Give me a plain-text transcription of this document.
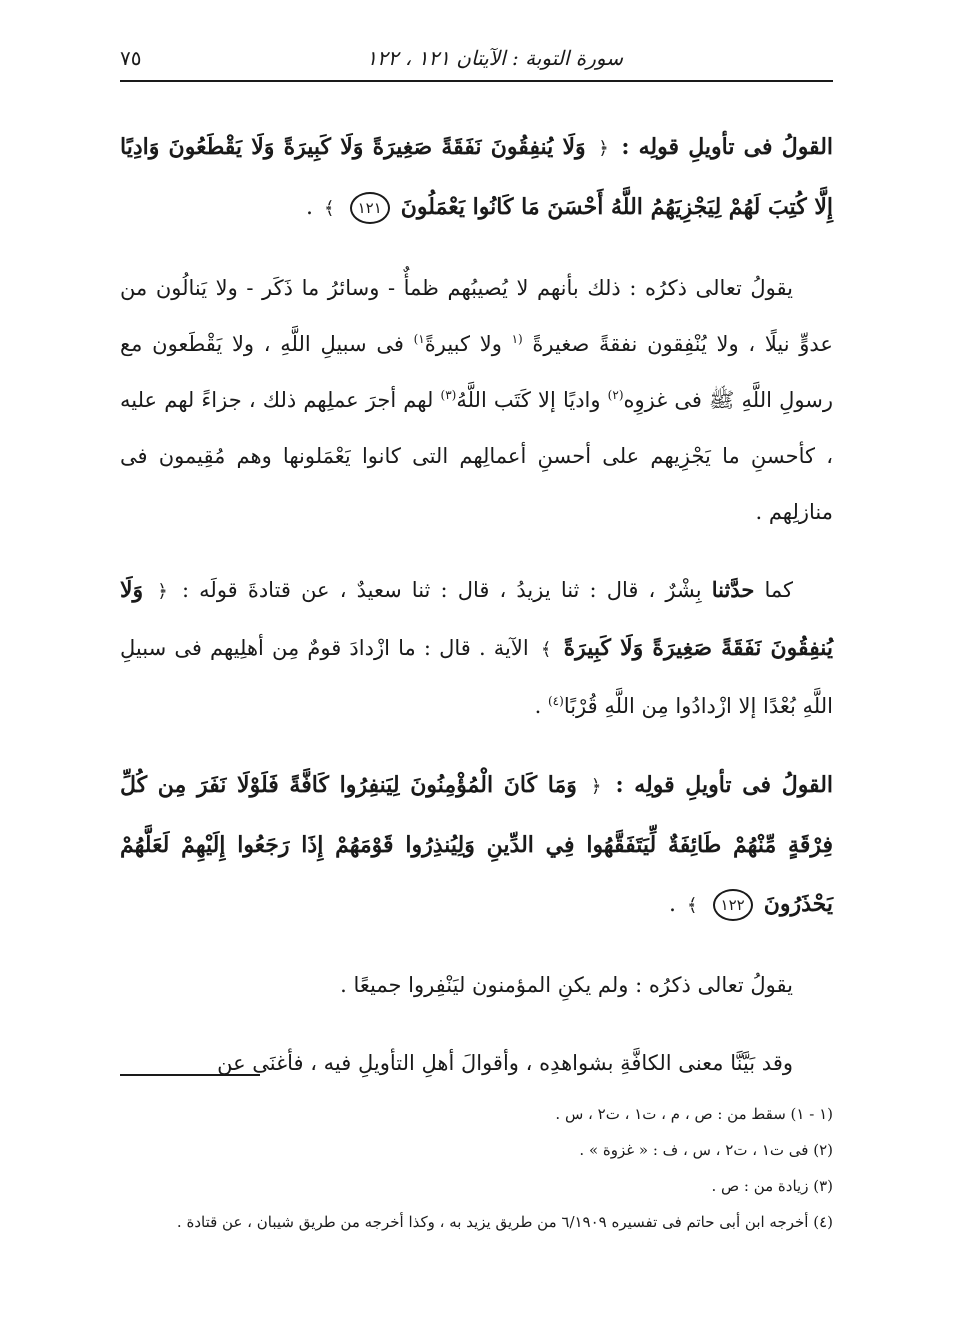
سورة التوبة : الآيتان ١٢١ ، ١٢٢
٧٥

القولُ فى تأويلِ قولِه : ﴿ وَلَا يُنفِقُونَ نَفَقَةً صَغِيرَةً وَلَا كَبِيرَةً وَلَا يَقْطَعُونَ وَادِيًا إِلَّا كُتِبَ لَهُمْ لِيَجْزِيَهُمُ اللَّهُ أَحْسَنَ مَا كَانُوا يَعْمَلُونَ ١٢١ ﴾ .

يقولُ تعالى ذكرُه : ذلك بأنهم لا يُصيبُهم ظمأٌ - وسائرُ ما ذَكَر - ولا يَنالُون من عدوٍّ نيلًا ، ولا يُنْفِقون نفقةً صغيرةً $^{(١}$ ولا كبيرةً$^{١)}$ فى سبيلِ اللَّهِ ، ولا يَقْطَعون مع رسولِ اللَّهِ ﷺ فى غزوِه$^{(٢)}$ واديًا إلا كَتَب اللَّهُ$^{(٣)}$ لهم أجرَ عملِهم ذلك ، جزاءً لهم عليه ، كأحسنِ ما يَجْزِيهم على أحسنِ أعمالِهم التى كانوا يَعْمَلونها وهم مُقِيمون فى منازلِهم .

كما حدَّثنا بِشْرٌ ، قال : ثنا يزيدُ ، قال : ثنا سعيدٌ ، عن قتادةَ قولَه : ﴿ وَلَا يُنفِقُونَ نَفَقَةً صَغِيرَةً وَلَا كَبِيرَةً ﴾ الآية . قال : ما ازْدادَ قومٌ مِن أهلِيهم فى سبيلِ اللَّهِ بُعْدًا إلا ازْدادُوا مِن اللَّهِ قُرْبًا$^{(٤)}$ .

القولُ فى تأويلِ قولِه : ﴿ وَمَا كَانَ الْمُؤْمِنُونَ لِيَنفِرُوا كَافَّةً فَلَوْلَا نَفَرَ مِن كُلِّ فِرْقَةٍ مِّنْهُمْ طَائِفَةٌ لِّيَتَفَقَّهُوا فِي الدِّينِ وَلِيُنذِرُوا قَوْمَهُمْ إِذَا رَجَعُوا إِلَيْهِمْ لَعَلَّهُمْ يَحْذَرُونَ ١٢٢ ﴾ .

يقولُ تعالى ذكرُه : ولم يكنِ المؤمنون ليَنْفِروا جميعًا .

وقد بَيَّنَّا معنى الكافَّةِ بشواهدِه ، وأقوالَ أهلِ التأويلِ فيه ، فأغنَى عن

(١ - ١) سقط من : ص ، م ، ت١ ، ت٢ ، س .

(٢) فى ت١ ، ت٢ ، س ، ف : « غزوة » .

(٣) زيادة من : ص .

(٤) أخرجه ابن أبى حاتم فى تفسيره ٦/١٩٠٩ من طريق يزيد به ، وكذا أخرجه من طريق شيبان ، عن قتادة .
